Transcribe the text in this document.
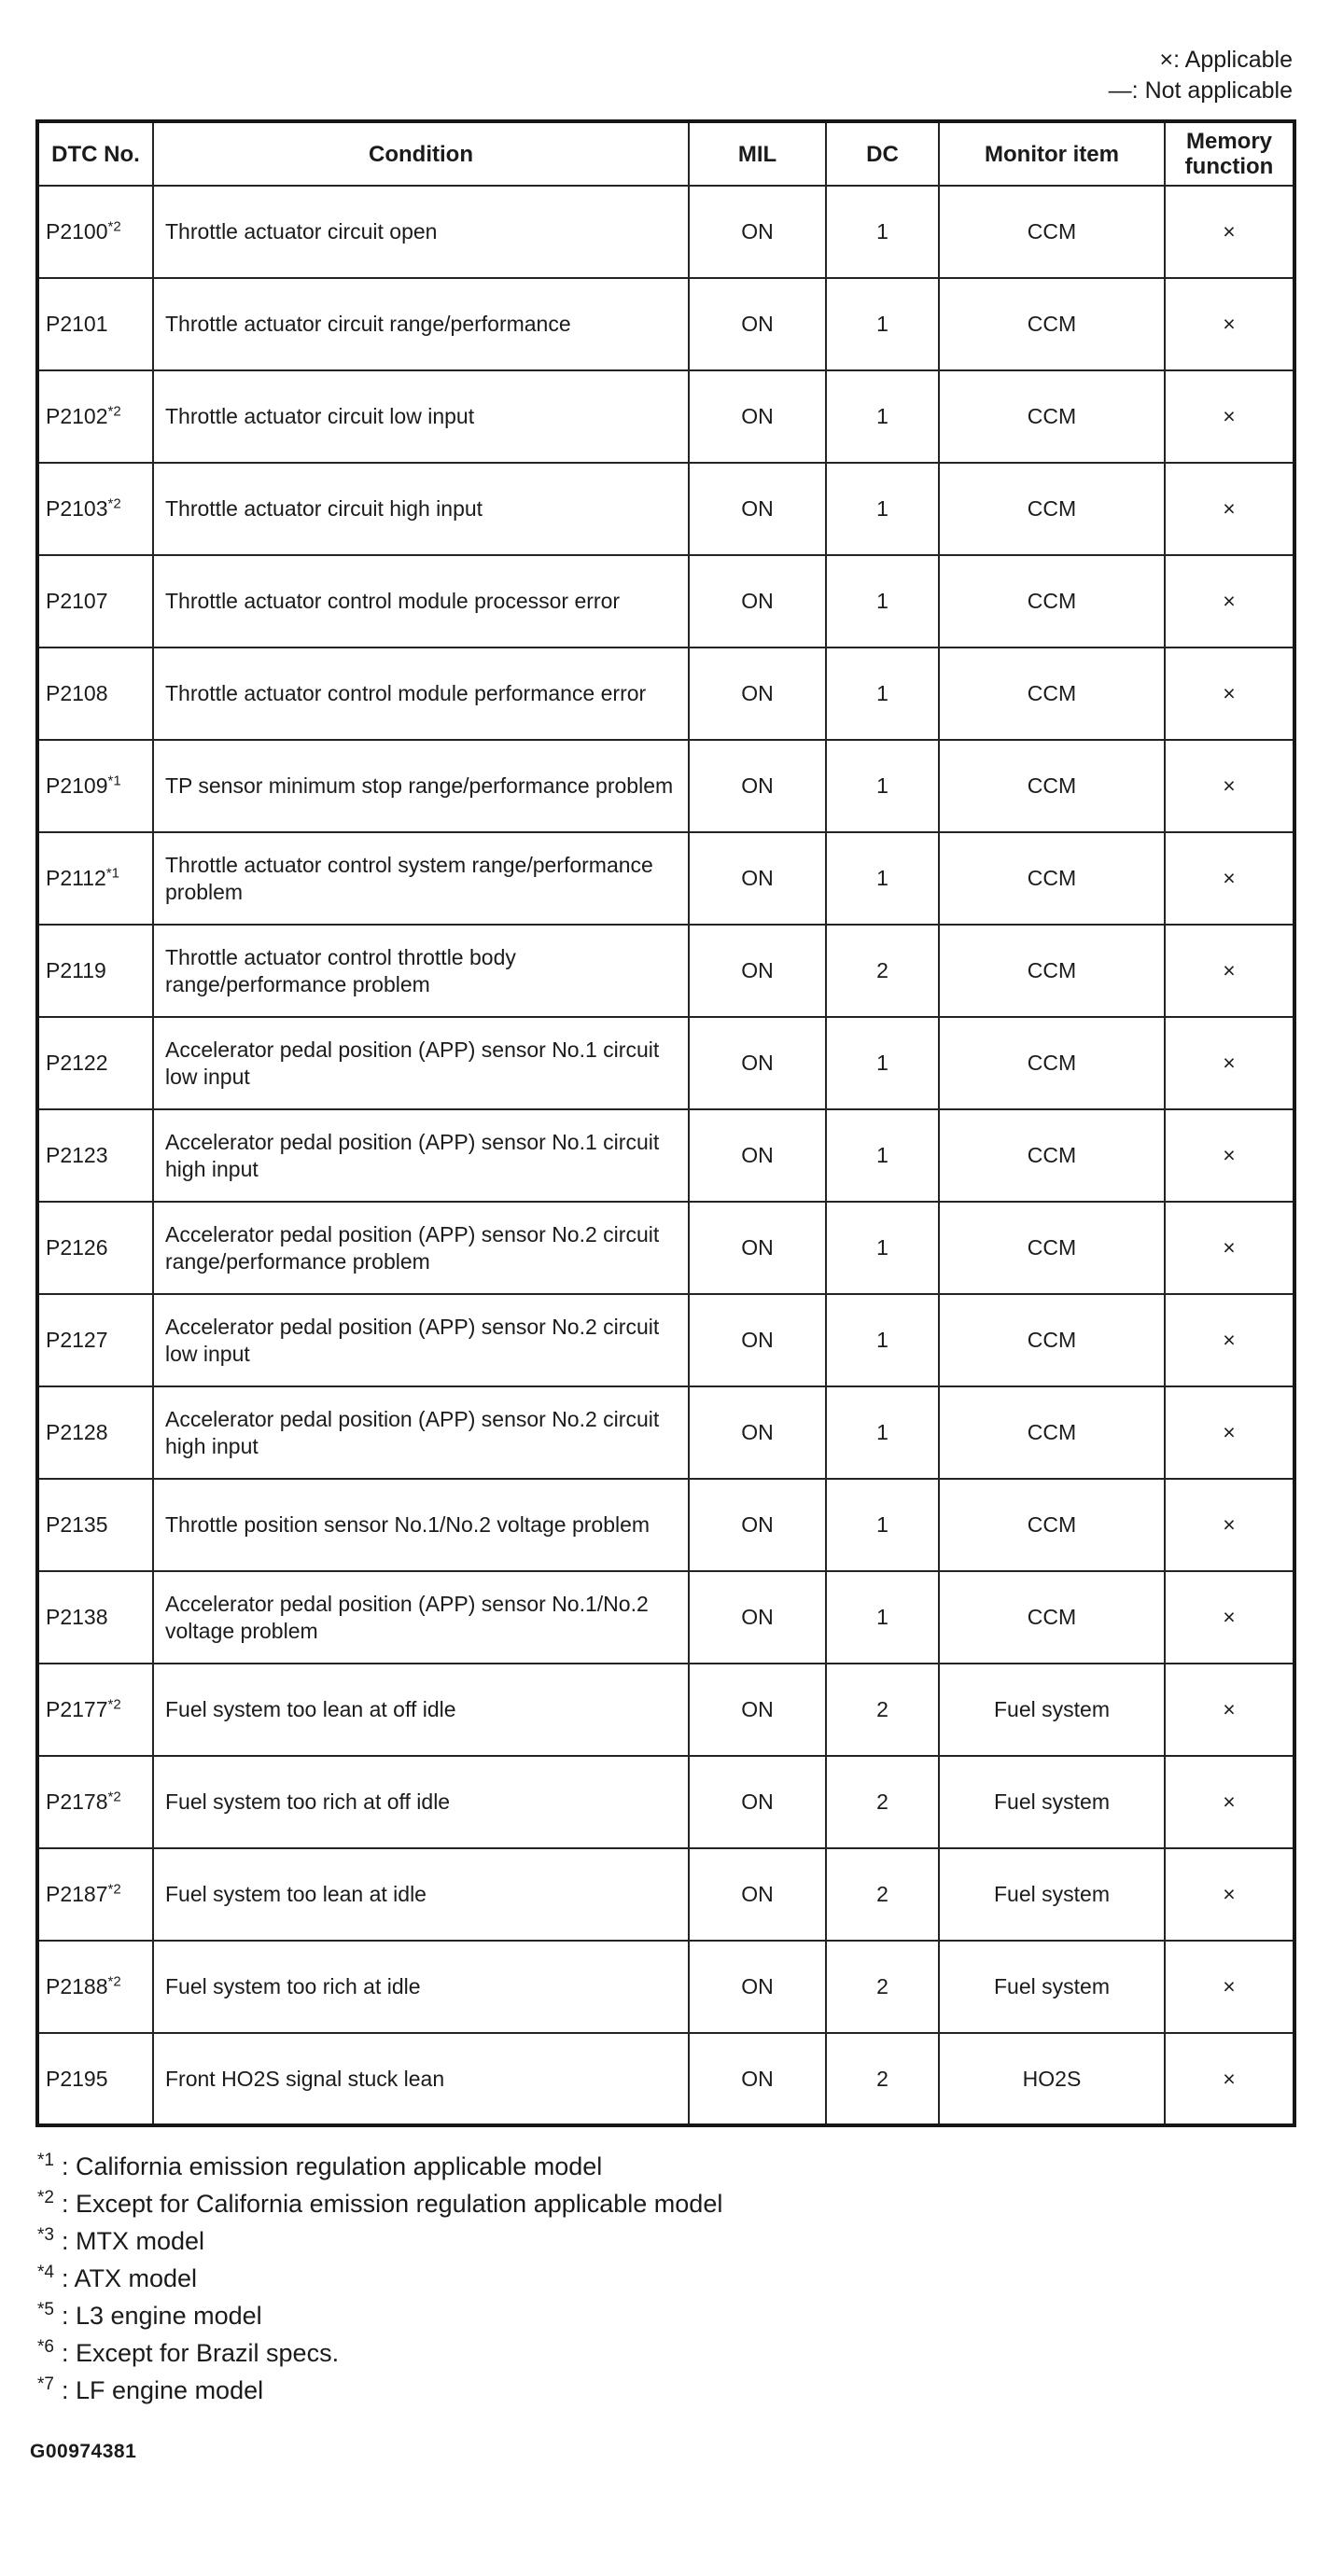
×: Applicable
—: Not applicable
DTC No.	Condition	MIL	DC	Monitor item	Memory function
P2100$^{*2}$	Throttle actuator circuit open	ON	1	CCM	×
P2101	Throttle actuator circuit range/performance	ON	1	CCM	×
$P2102^{*2}$	Throttle actuator circuit low input	ON	1	CCM	×
$P2103^{*2}$	Throttle actuator circuit high input	ON	1	CCM	×
P2107	Throttle actuator control module processor error	ON	1	CCM	×
P2108	Throttle actuator control module performance error	ON	1	CCM	×
$P2109^{*1}$	TP sensor minimum stop range/performance problem	ON	1	CCM	×
$P2112^{*1}$	Throttle actuator control system range/performance problem	ON	1	CCM	×
P2119	Throttle actuator control throttle body range/performance problem	ON	2	CCM	×
P2122	Accelerator pedal position (APP) sensor No.1 circuit low input	ON	1	CCM	×
P2123	Accelerator pedal position (APP) sensor No.1 circuit high input	ON	1	CCM	×
P2126	Accelerator pedal position (APP) sensor No.2 circuit range/performance problem	ON	1	CCM	×
P2127	Accelerator pedal position (APP) sensor No.2 circuit low input	ON	1	CCM	×
P2128	Accelerator pedal position (APP) sensor No.2 circuit high input	ON	1	CCM	×
P2135	Throttle position sensor No.1/No.2 voltage problem	ON	1	CCM	×
P2138	Accelerator pedal position (APP) sensor No.1/No.2 voltage problem	ON	1	CCM	×
$P2177^{*2}$	Fuel system too lean at off idle	ON	2	Fuel system	×
$P2178^{*2}$	Fuel system too rich at off idle	ON	2	Fuel system	×
$P2187^{*2}$	Fuel system too lean at idle	ON	2	Fuel system	×
$P2188^{*2}$	Fuel system too rich at idle	ON	2	Fuel system	×
P2195	Front HO2S signal stuck lean	ON	2	HO2S	×
$^{*1}$ : California emission regulation applicable model
$^{*2}$ : Except for California emission regulation applicable model
$^{*3}$ : MTX model
$^{*4}$ : ATX model
$^{*5}$ : L3 engine model
$^{*6}$ : Except for Brazil specs.
$^{*7}$ : LF engine model
G00974381
